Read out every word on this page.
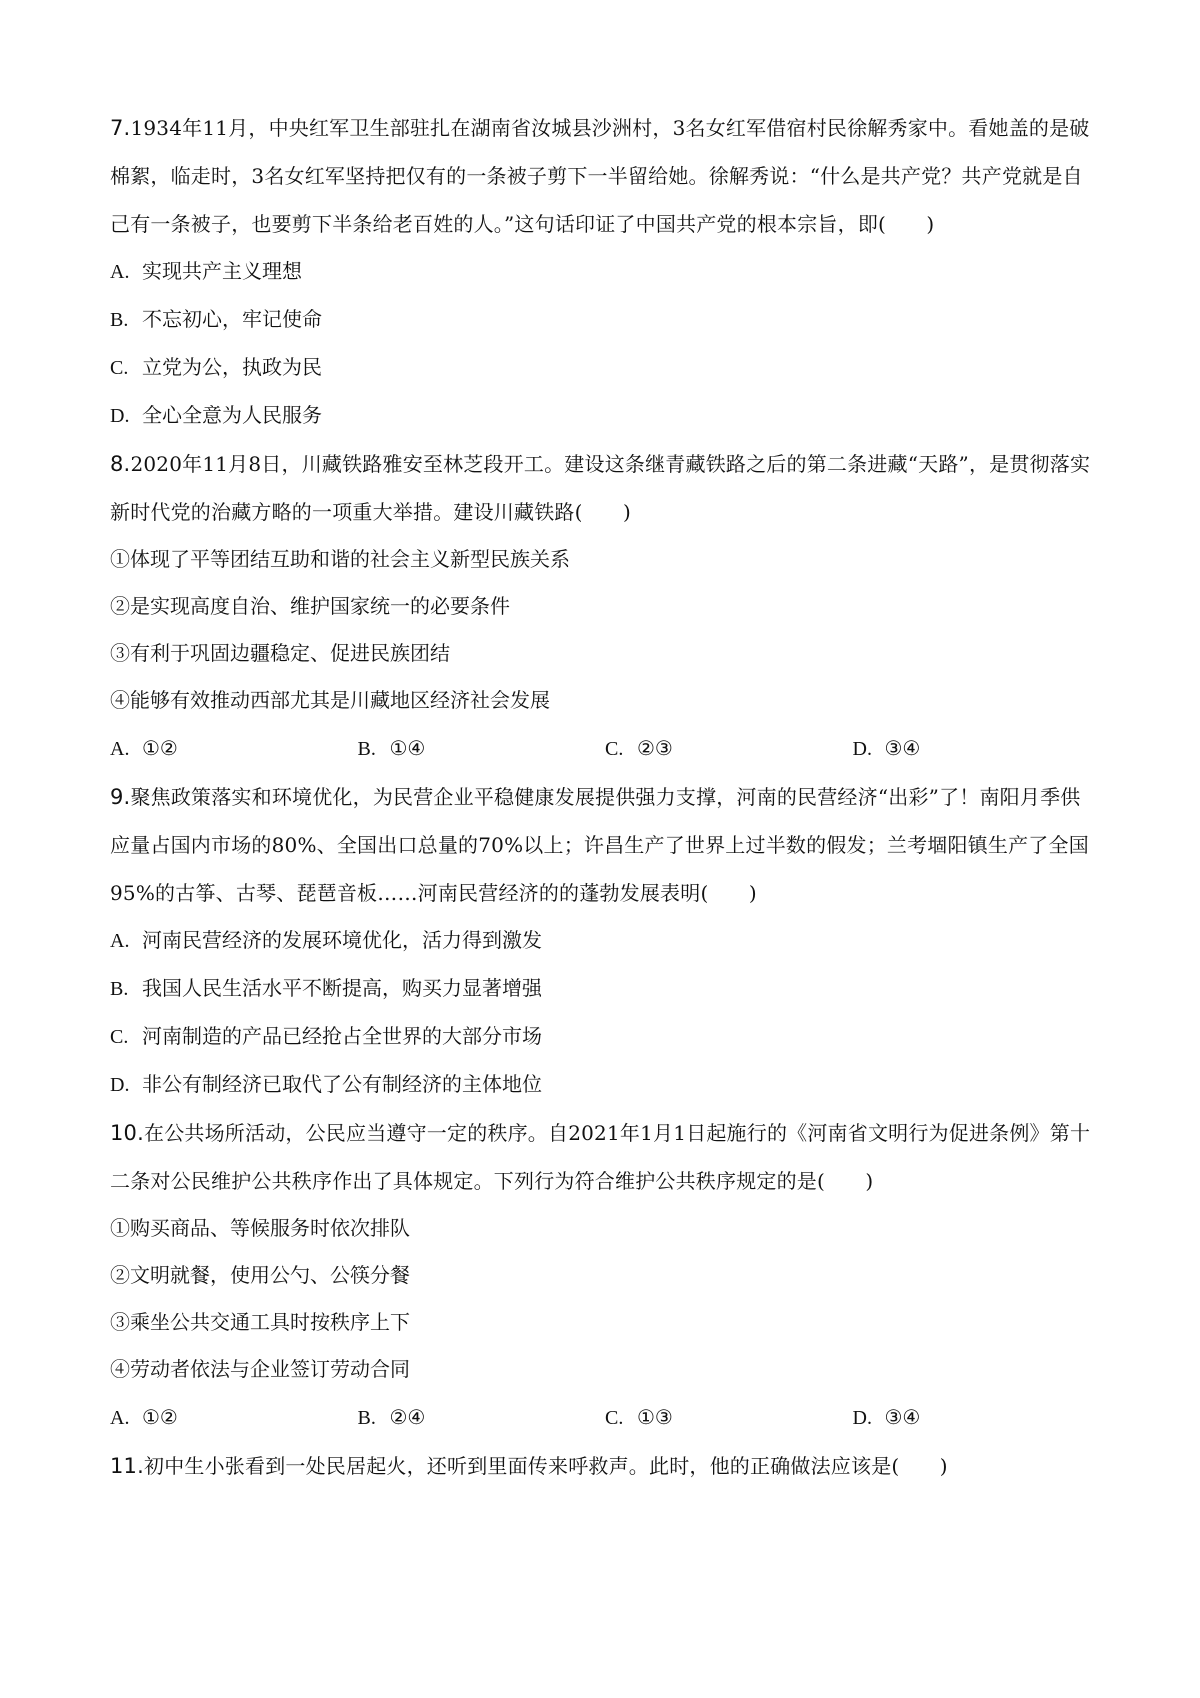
7.1934年11月，中央红军卫生部驻扎在湖南省汝城县沙洲村，3名女红军借宿村民徐解秀家中。看她盖的是破棉絮，临走时，3名女红军坚持把仅有的一条被子剪下一半留给她。徐解秀说：“什么是共产党？共产党就是自己有一条被子，也要剪下半条给老百姓的人。”这句话印证了中国共产党的根本宗旨，即(　　)

A. 实现共产主义理想

B. 不忘初心，牢记使命

C. 立党为公，执政为民

D. 全心全意为人民服务

8.2020年11月8日，川藏铁路雅安至林芝段开工。建设这条继青藏铁路之后的第二条进藏“天路”，是贯彻落实新时代党的治藏方略的一项重大举措。建设川藏铁路(　　)

①体现了平等团结互助和谐的社会主义新型民族关系

②是实现高度自治、维护国家统一的必要条件

③有利于巩固边疆稳定、促进民族团结

④能够有效推动西部尤其是川藏地区经济社会发展

A. ①②	B. ①④	C. ②③	D. ③④

9.聚焦政策落实和环境优化，为民营企业平稳健康发展提供强力支撑，河南的民营经济“出彩”了！南阳月季供应量占国内市场的80%、全国出口总量的70%以上；许昌生产了世界上过半数的假发；兰考堌阳镇生产了全国95%的古筝、古琴、琵琶音板……河南民营经济的的蓬勃发展表明(　　)

A. 河南民营经济的发展环境优化，活力得到激发

B. 我国人民生活水平不断提高，购买力显著增强

C. 河南制造的产品已经抢占全世界的大部分市场

D. 非公有制经济已取代了公有制经济的主体地位

10.在公共场所活动，公民应当遵守一定的秩序。自2021年1月1日起施行的《河南省文明行为促进条例》第十二条对公民维护公共秩序作出了具体规定。下列行为符合维护公共秩序规定的是(　　)

①购买商品、等候服务时依次排队

②文明就餐，使用公勺、公筷分餐

③乘坐公共交通工具时按秩序上下

④劳动者依法与企业签订劳动合同

A. ①②	B. ②④	C. ①③	D. ③④

11.初中生小张看到一处民居起火，还听到里面传来呼救声。此时，他的正确做法应该是(　　)
